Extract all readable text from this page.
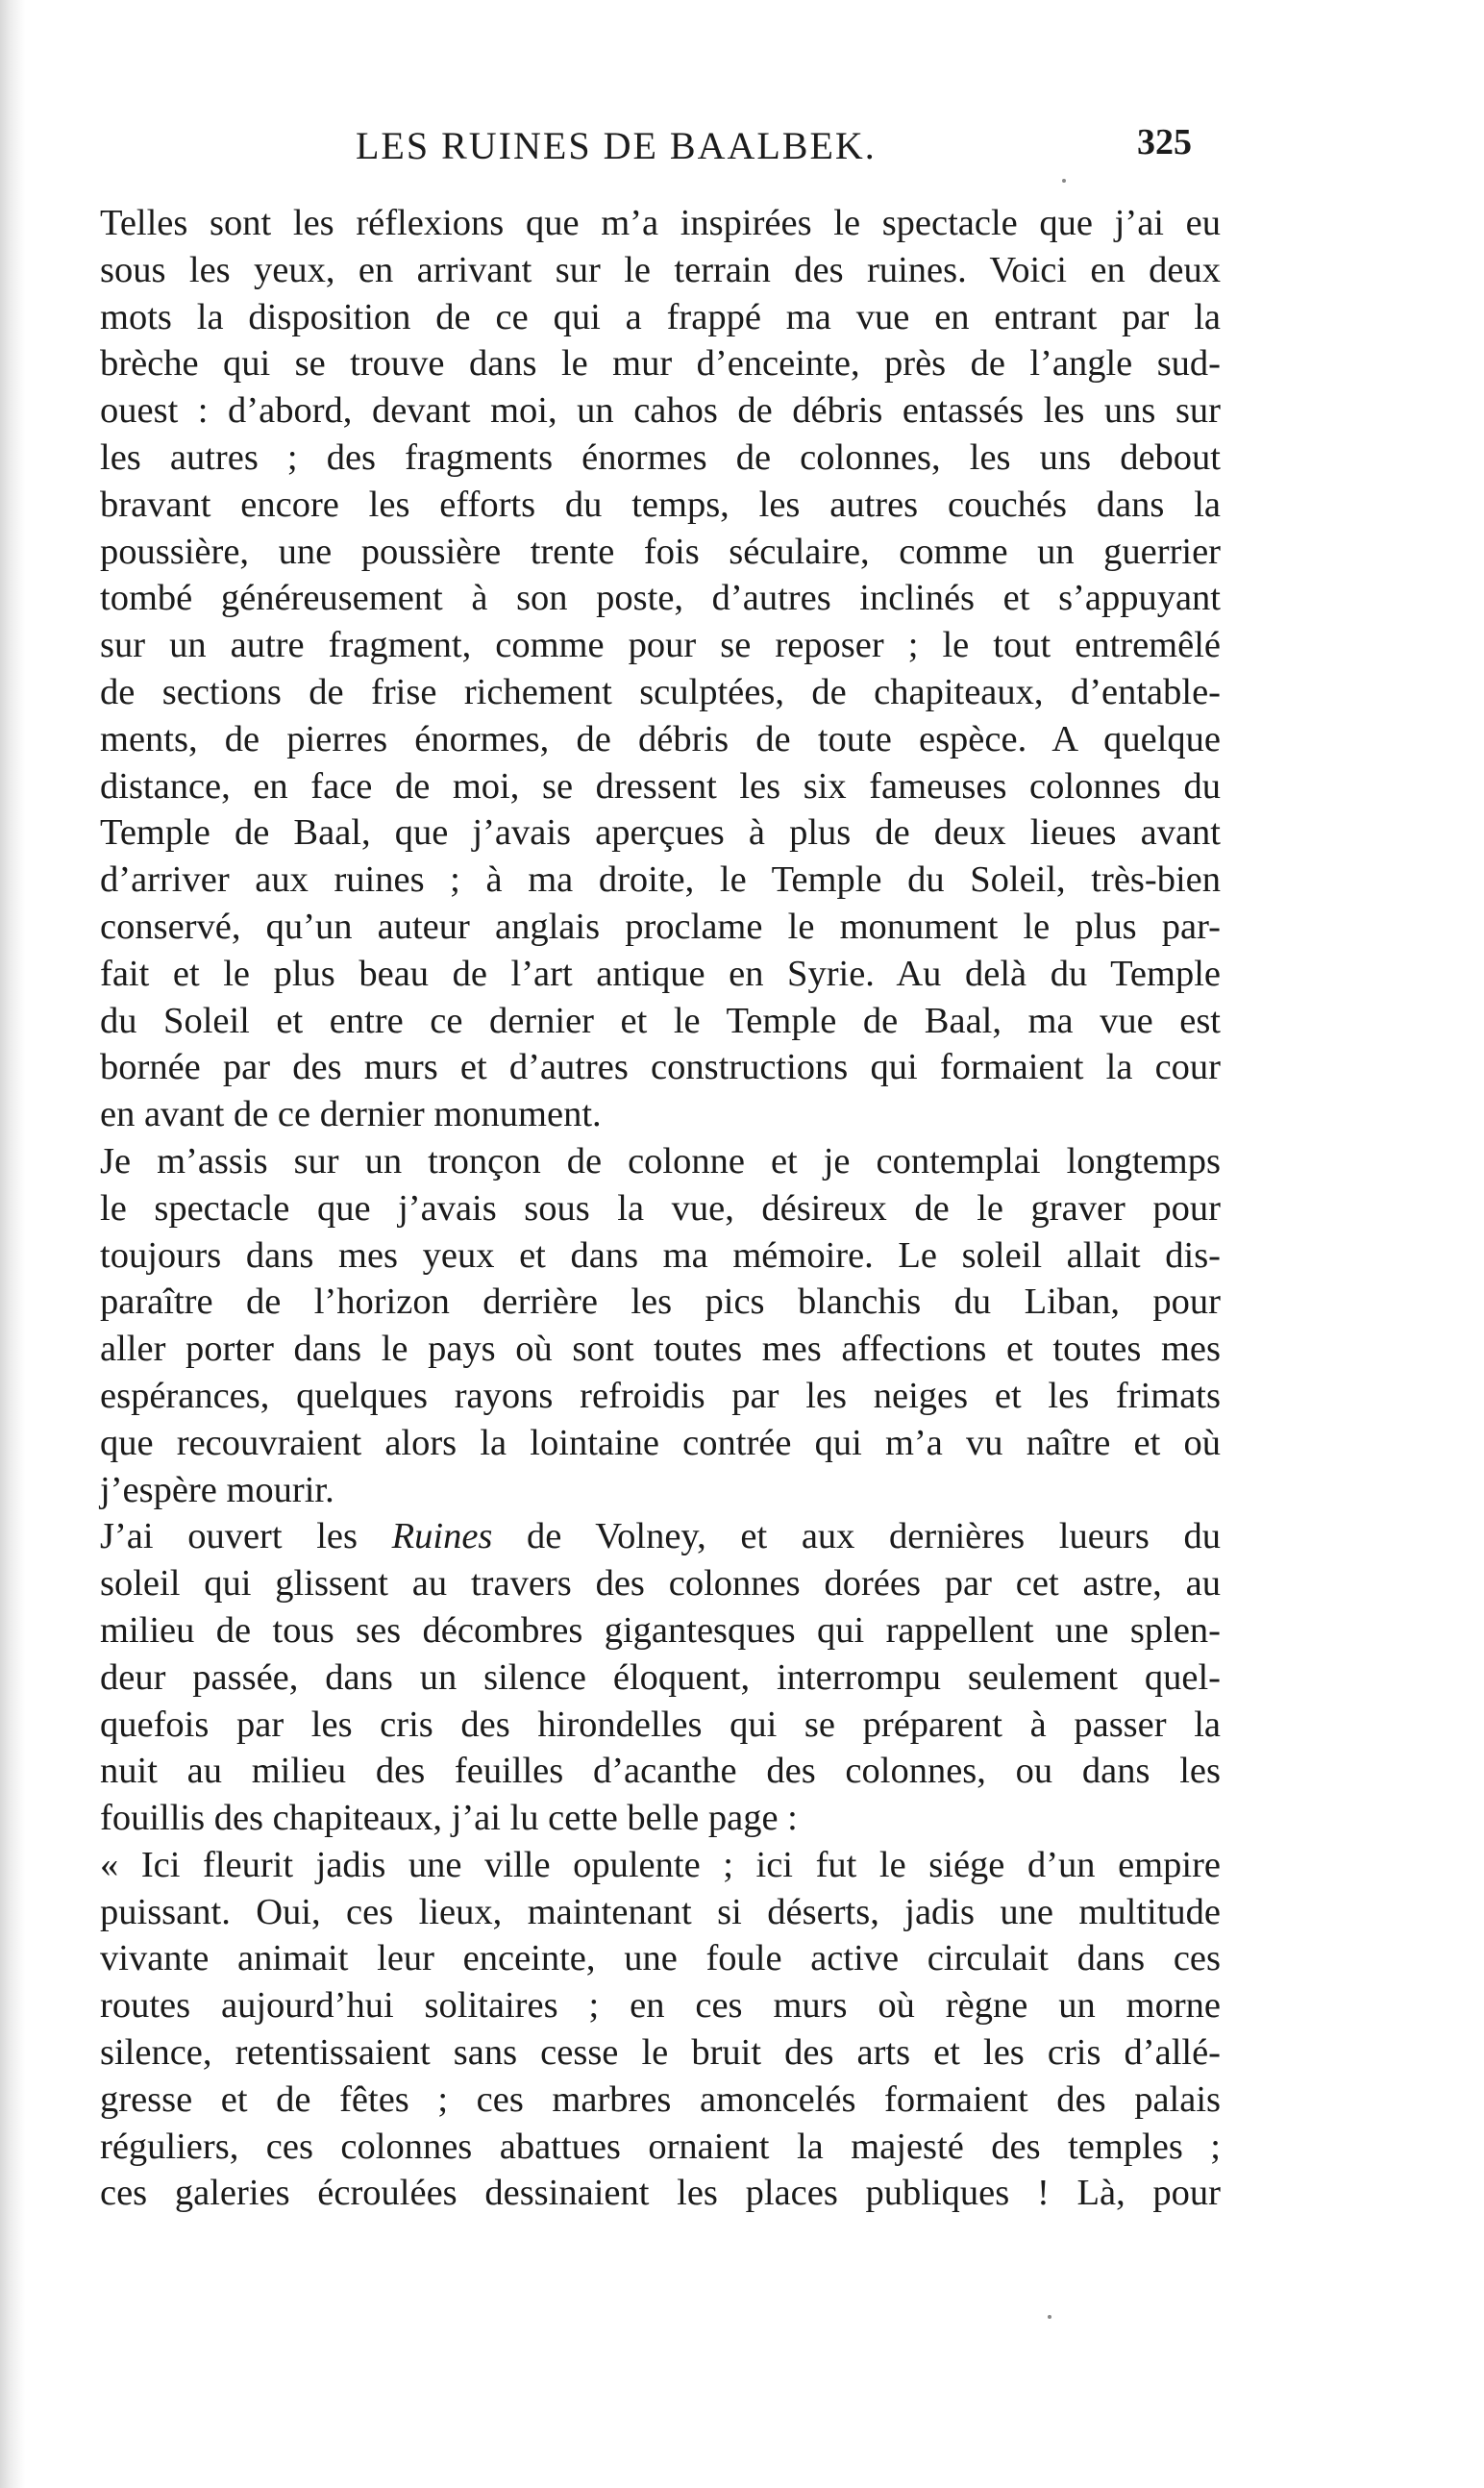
LES RUINES DE BAALBEK.	325

Telles sont les réflexions que m’a inspirées le spectacle que j’ai eu
sous les yeux, en arrivant sur le terrain des ruines. Voici en deux
mots la disposition de ce qui a frappé ma vue en entrant par la
brèche qui se trouve dans le mur d’enceinte, près de l’angle sud-
ouest : d’abord, devant moi, un cahos de débris entassés les uns sur
les autres ; des fragments énormes de colonnes, les uns debout
bravant encore les efforts du temps, les autres couchés dans la
poussière, une poussière trente fois séculaire, comme un guerrier
tombé généreusement à son poste, d’autres inclinés et s’appuyant
sur un autre fragment, comme pour se reposer ; le tout entremêlé
de sections de frise richement sculptées, de chapiteaux, d’entable-
ments, de pierres énormes, de débris de toute espèce. A quelque
distance, en face de moi, se dressent les six fameuses colonnes du
Temple de Baal, que j’avais aperçues à plus de deux lieues avant
d’arriver aux ruines ; à ma droite, le Temple du Soleil, très-bien
conservé, qu’un auteur anglais proclame le monument le plus par-
fait et le plus beau de l’art antique en Syrie. Au delà du Temple
du Soleil et entre ce dernier et le Temple de Baal, ma vue est
bornée par des murs et d’autres constructions qui formaient la cour
en avant de ce dernier monument.

Je m’assis sur un tronçon de colonne et je contemplai longtemps
le spectacle que j’avais sous la vue, désireux de le graver pour
toujours dans mes yeux et dans ma mémoire. Le soleil allait dis-
paraître de l’horizon derrière les pics blanchis du Liban, pour
aller porter dans le pays où sont toutes mes affections et toutes mes
espérances, quelques rayons refroidis par les neiges et les frimats
que recouvraient alors la lointaine contrée qui m’a vu naître et où
j’espère mourir.

J’ai ouvert les Ruines de Volney, et aux dernières lueurs du
soleil qui glissent au travers des colonnes dorées par cet astre, au
milieu de tous ses décombres gigantesques qui rappellent une splen-
deur passée, dans un silence éloquent, interrompu seulement quel-
quefois par les cris des hirondelles qui se préparent à passer la
nuit au milieu des feuilles d’acanthe des colonnes, ou dans les
fouillis des chapiteaux, j’ai lu cette belle page :

« Ici fleurit jadis une ville opulente ; ici fut le siége d’un empire
puissant. Oui, ces lieux, maintenant si déserts, jadis une multitude
vivante animait leur enceinte, une foule active circulait dans ces
routes aujourd’hui solitaires ; en ces murs où règne un morne
silence, retentissaient sans cesse le bruit des arts et les cris d’allé-
gresse et de fêtes ; ces marbres amoncelés formaient des palais
réguliers, ces colonnes abattues ornaient la majesté des temples ;
ces galeries écroulées dessinaient les places publiques ! Là, pour
